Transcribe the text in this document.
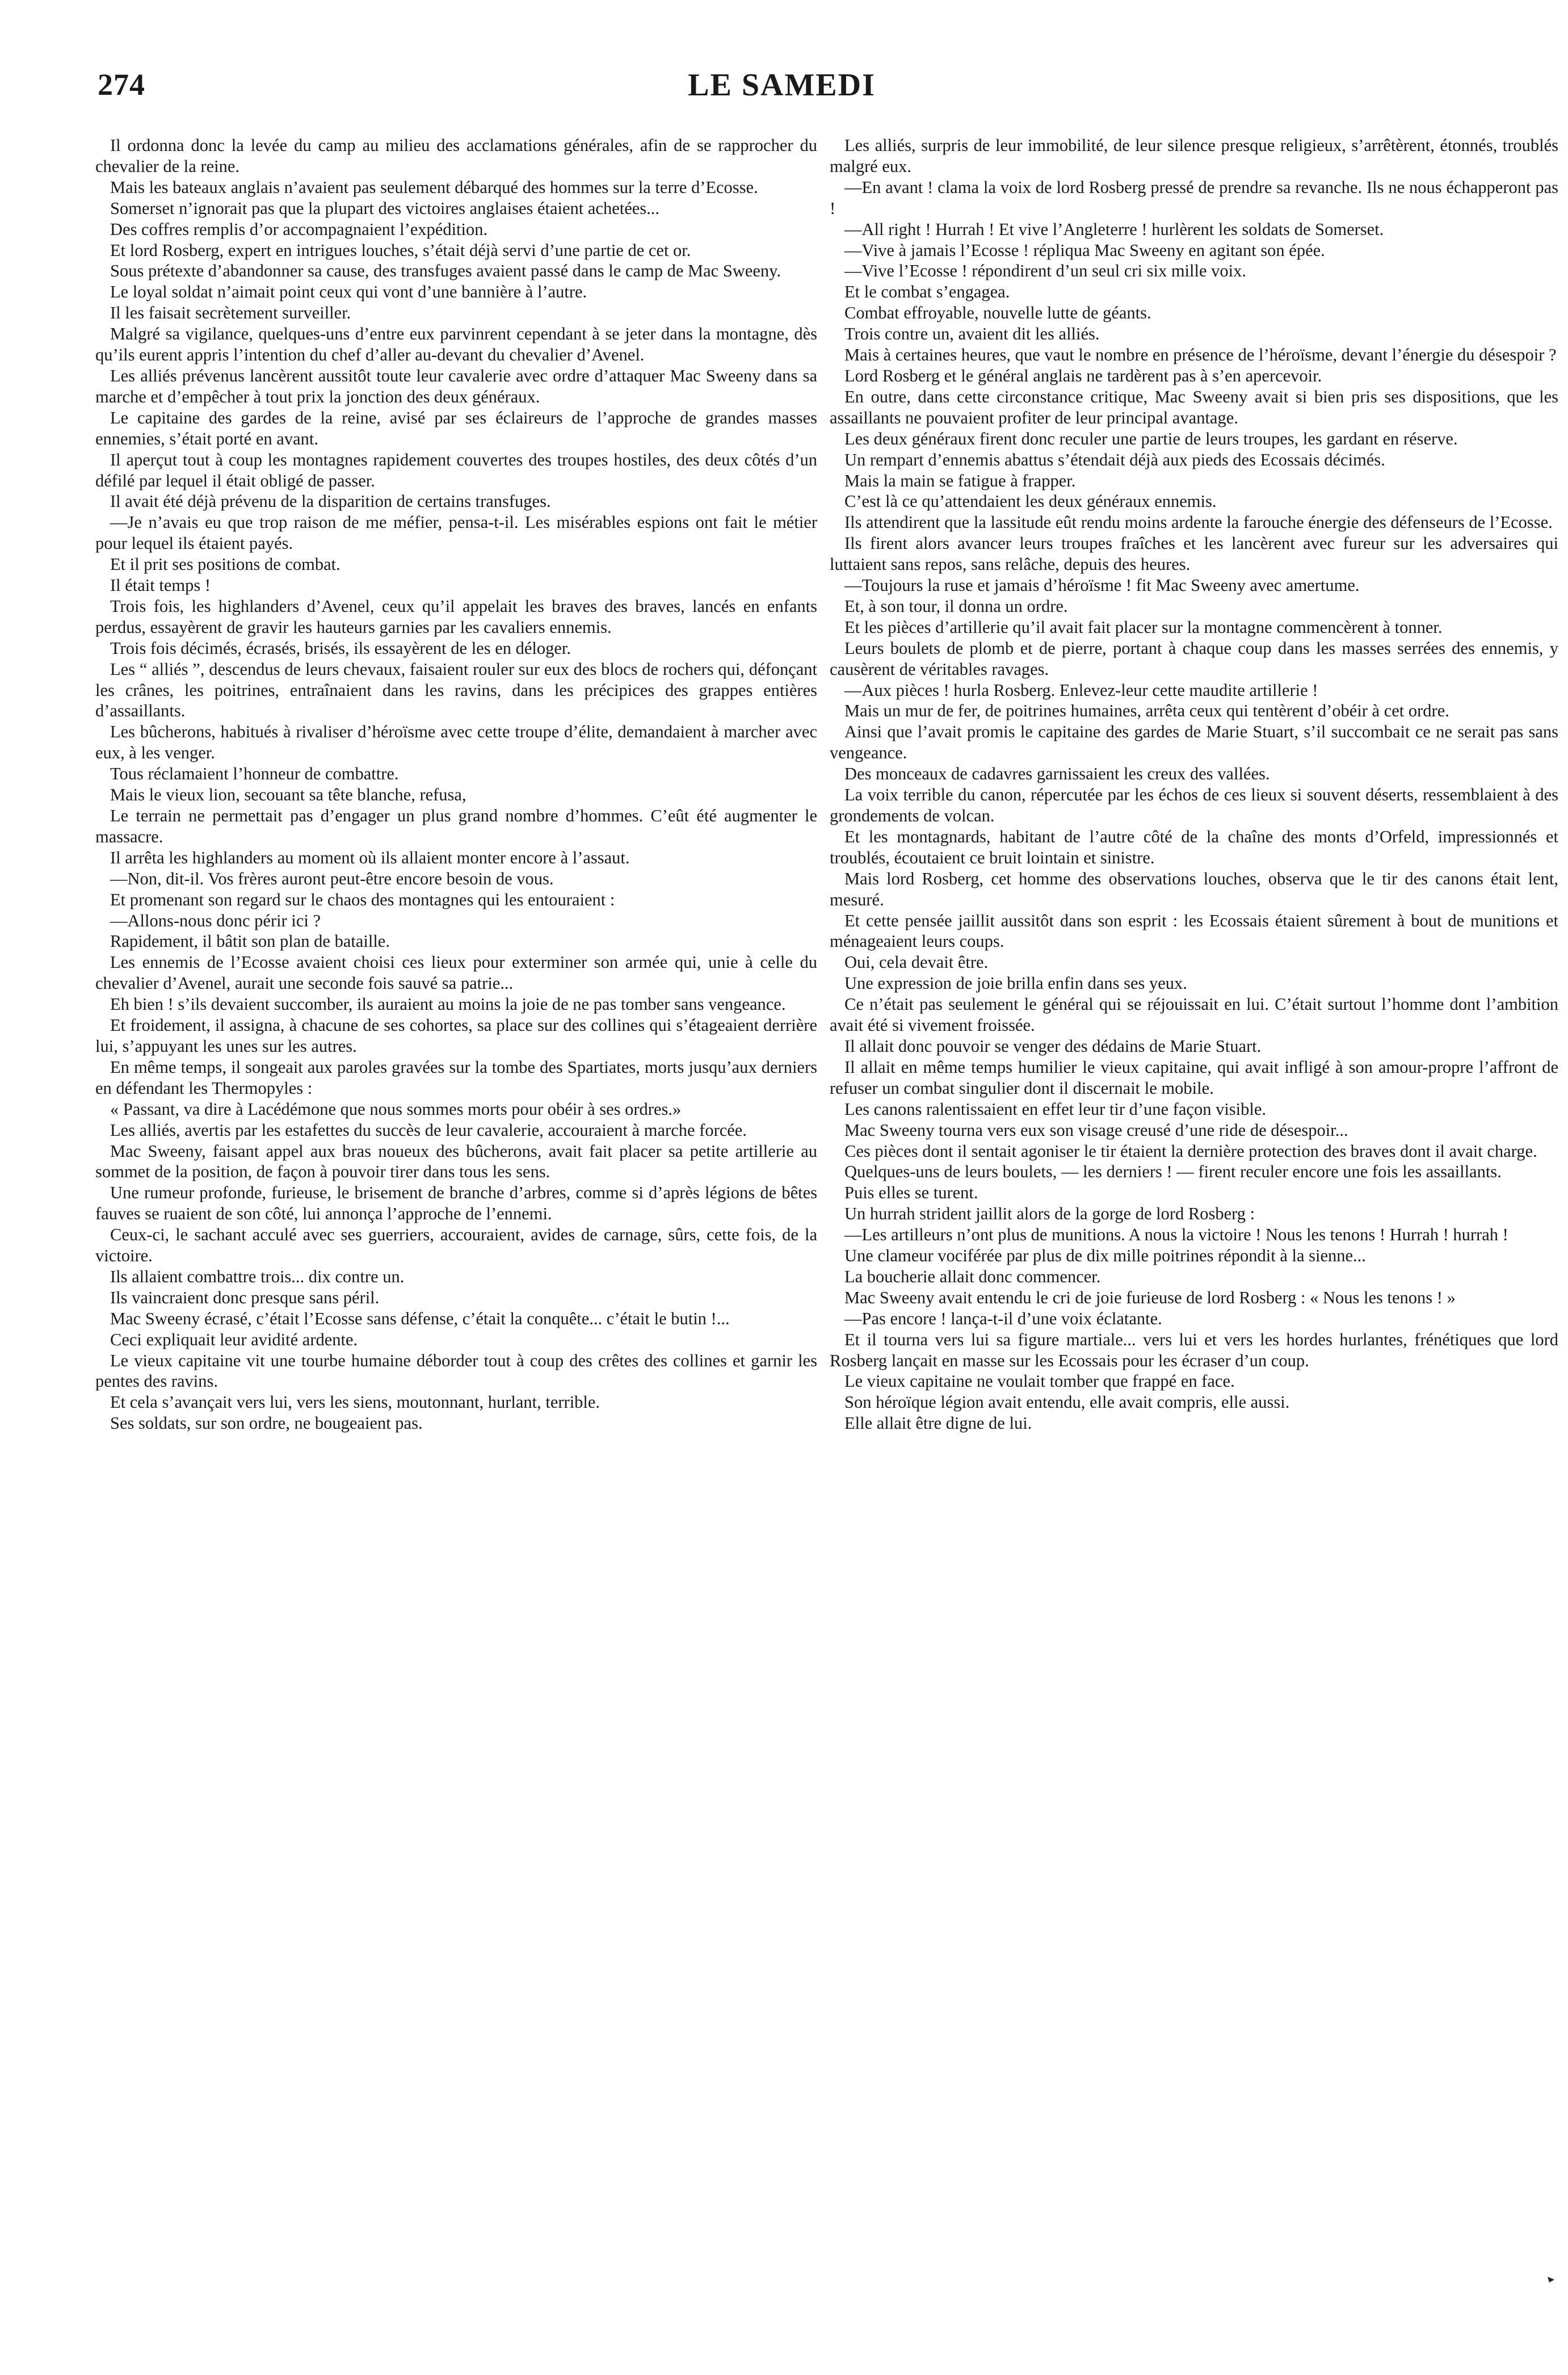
274	LE SAMEDI

Il ordonna donc la levée du camp au milieu des acclamations générales, afin de se rapprocher du chevalier de la reine.

Mais les bateaux anglais n’avaient pas seulement débarqué des hommes sur la terre d’Ecosse.

Somerset n’ignorait pas que la plupart des victoires anglaises étaient achetées...

Des coffres remplis d’or accompagnaient l’expédition.

Et lord Rosberg, expert en intrigues louches, s’était déjà servi d’une partie de cet or.

Sous prétexte d’abandonner sa cause, des transfuges avaient passé dans le camp de Mac Sweeny.

Le loyal soldat n’aimait point ceux qui vont d’une bannière à l’autre.

Il les faisait secrètement surveiller.

Malgré sa vigilance, quelques-uns d’entre eux parvinrent cependant à se jeter dans la montagne, dès qu’ils eurent appris l’intention du chef d’aller au-devant du chevalier d’Avenel.

Les alliés prévenus lancèrent aussitôt toute leur cavalerie avec ordre d’attaquer Mac Sweeny dans sa marche et d’empêcher à tout prix la jonction des deux généraux.

Le capitaine des gardes de la reine, avisé par ses éclaireurs de l’approche de grandes masses ennemies, s’était porté en avant.

Il aperçut tout à coup les montagnes rapidement couvertes des troupes hostiles, des deux côtés d’un défilé par lequel il était obligé de passer.

Il avait été déjà prévenu de la disparition de certains transfuges.

—Je n’avais eu que trop raison de me méfier, pensa-t-il. Les misérables espions ont fait le métier pour lequel ils étaient payés.

Et il prit ses positions de combat.

Il était temps !

Trois fois, les highlanders d’Avenel, ceux qu’il appelait les braves des braves, lancés en enfants perdus, essayèrent de gravir les hauteurs garnies par les cavaliers ennemis.

Trois fois décimés, écrasés, brisés, ils essayèrent de les en déloger.

Les “ alliés ”, descendus de leurs chevaux, faisaient rouler sur eux des blocs de rochers qui, défonçant les crânes, les poitrines, entraînaient dans les ravins, dans les précipices des grappes entières d’assaillants.

Les bûcherons, habitués à rivaliser d’héroïsme avec cette troupe d’élite, demandaient à marcher avec eux, à les venger.

Tous réclamaient l’honneur de combattre.

Mais le vieux lion, secouant sa tête blanche, refusa,

Le terrain ne permettait pas d’engager un plus grand nombre d’hommes. C’eût été augmenter le massacre.

Il arrêta les highlanders au moment où ils allaient monter encore à l’assaut.

—Non, dit-il. Vos frères auront peut-être encore besoin de vous.

Et promenant son regard sur le chaos des montagnes qui les entouraient :

—Allons-nous donc périr ici ?

Rapidement, il bâtit son plan de bataille.

Les ennemis de l’Ecosse avaient choisi ces lieux pour exterminer son armée qui, unie à celle du chevalier d’Avenel, aurait une seconde fois sauvé sa patrie...

Eh bien ! s’ils devaient succomber, ils auraient au moins la joie de ne pas tomber sans vengeance.

Et froidement, il assigna, à chacune de ses cohortes, sa place sur des collines qui s’étageaient derrière lui, s’appuyant les unes sur les autres.

En même temps, il songeait aux paroles gravées sur la tombe des Spartiates, morts jusqu’aux derniers en défendant les Thermopyles :

« Passant, va dire à Lacédémone que nous sommes morts pour obéir à ses ordres.»

Les alliés, avertis par les estafettes du succès de leur cavalerie, accouraient à marche forcée.

Mac Sweeny, faisant appel aux bras noueux des bûcherons, avait fait placer sa petite artillerie au sommet de la position, de façon à pouvoir tirer dans tous les sens.

Une rumeur profonde, furieuse, le brisement de branche d’arbres, comme si d’après légions de bêtes fauves se ruaient de son côté, lui annonça l’approche de l’ennemi.

Ceux-ci, le sachant acculé avec ses guerriers, accouraient, avides de carnage, sûrs, cette fois, de la victoire.

Ils allaient combattre trois... dix contre un.

Ils vaincraient donc presque sans péril.

Mac Sweeny écrasé, c’était l’Ecosse sans défense, c’était la conquête... c’était le butin !...

Ceci expliquait leur avidité ardente.

Le vieux capitaine vit une tourbe humaine déborder tout à coup des crêtes des collines et garnir les pentes des ravins.

Et cela s’avançait vers lui, vers les siens, moutonnant, hurlant, terrible.

Ses soldats, sur son ordre, ne bougeaient pas.

Les alliés, surpris de leur immobilité, de leur silence presque religieux, s’arrêtèrent, étonnés, troublés malgré eux.

—En avant ! clama la voix de lord Rosberg pressé de prendre sa revanche. Ils ne nous échapperont pas !

—All right ! Hurrah ! Et vive l’Angleterre ! hurlèrent les soldats de Somerset.

—Vive à jamais l’Ecosse ! répliqua Mac Sweeny en agitant son épée.

—Vive l’Ecosse ! répondirent d’un seul cri six mille voix.

Et le combat s’engagea.

Combat effroyable, nouvelle lutte de géants.

Trois contre un, avaient dit les alliés.

Mais à certaines heures, que vaut le nombre en présence de l’héroïsme, devant l’énergie du désespoir ?

Lord Rosberg et le général anglais ne tardèrent pas à s’en apercevoir.

En outre, dans cette circonstance critique, Mac Sweeny avait si bien pris ses dispositions, que les assaillants ne pouvaient profiter de leur principal avantage.

Les deux généraux firent donc reculer une partie de leurs troupes, les gardant en réserve.

Un rempart d’ennemis abattus s’étendait déjà aux pieds des Ecossais décimés.

Mais la main se fatigue à frapper.

C’est là ce qu’attendaient les deux généraux ennemis.

Ils attendirent que la lassitude eût rendu moins ardente la farouche énergie des défenseurs de l’Ecosse.

Ils firent alors avancer leurs troupes fraîches et les lancèrent avec fureur sur les adversaires qui luttaient sans repos, sans relâche, depuis des heures.

—Toujours la ruse et jamais d’héroïsme ! fit Mac Sweeny avec amertume.

Et, à son tour, il donna un ordre.

Et les pièces d’artillerie qu’il avait fait placer sur la montagne commencèrent à tonner.

Leurs boulets de plomb et de pierre, portant à chaque coup dans les masses serrées des ennemis, y causèrent de véritables ravages.

—Aux pièces ! hurla Rosberg. Enlevez-leur cette maudite artillerie !

Mais un mur de fer, de poitrines humaines, arrêta ceux qui tentèrent d’obéir à cet ordre.

Ainsi que l’avait promis le capitaine des gardes de Marie Stuart, s’il succombait ce ne serait pas sans vengeance.

Des monceaux de cadavres garnissaient les creux des vallées.

La voix terrible du canon, répercutée par les échos de ces lieux si souvent déserts, ressemblaient à des grondements de volcan.

Et les montagnards, habitant de l’autre côté de la chaîne des monts d’Orfeld, impressionnés et troublés, écoutaient ce bruit lointain et sinistre.

Mais lord Rosberg, cet homme des observations louches, observa que le tir des canons était lent, mesuré.

Et cette pensée jaillit aussitôt dans son esprit : les Ecossais étaient sûrement à bout de munitions et ménageaient leurs coups.

Oui, cela devait être.

Une expression de joie brilla enfin dans ses yeux.

Ce n’était pas seulement le général qui se réjouissait en lui. C’était surtout l’homme dont l’ambition avait été si vivement froissée.

Il allait donc pouvoir se venger des dédains de Marie Stuart.

Il allait en même temps humilier le vieux capitaine, qui avait infligé à son amour-propre l’affront de refuser un combat singulier dont il discernait le mobile.

Les canons ralentissaient en effet leur tir d’une façon visible.

Mac Sweeny tourna vers eux son visage creusé d’une ride de désespoir...

Ces pièces dont il sentait agoniser le tir étaient la dernière protection des braves dont il avait charge.

Quelques-uns de leurs boulets, — les derniers ! — firent reculer encore une fois les assaillants.

Puis elles se turent.

Un hurrah strident jaillit alors de la gorge de lord Rosberg :

—Les artilleurs n’ont plus de munitions. A nous la victoire ! Nous les tenons ! Hurrah ! hurrah !

Une clameur vociférée par plus de dix mille poitrines répondit à la sienne...

La boucherie allait donc commencer.

Mac Sweeny avait entendu le cri de joie furieuse de lord Rosberg : « Nous les tenons ! »

—Pas encore ! lança-t-il d’une voix éclatante.

Et il tourna vers lui sa figure martiale... vers lui et vers les hordes hurlantes, frénétiques que lord Rosberg lançait en masse sur les Ecossais pour les écraser d’un coup.

Le vieux capitaine ne voulait tomber que frappé en face.

Son héroïque légion avait entendu, elle avait compris, elle aussi.

Elle allait être digne de lui.
